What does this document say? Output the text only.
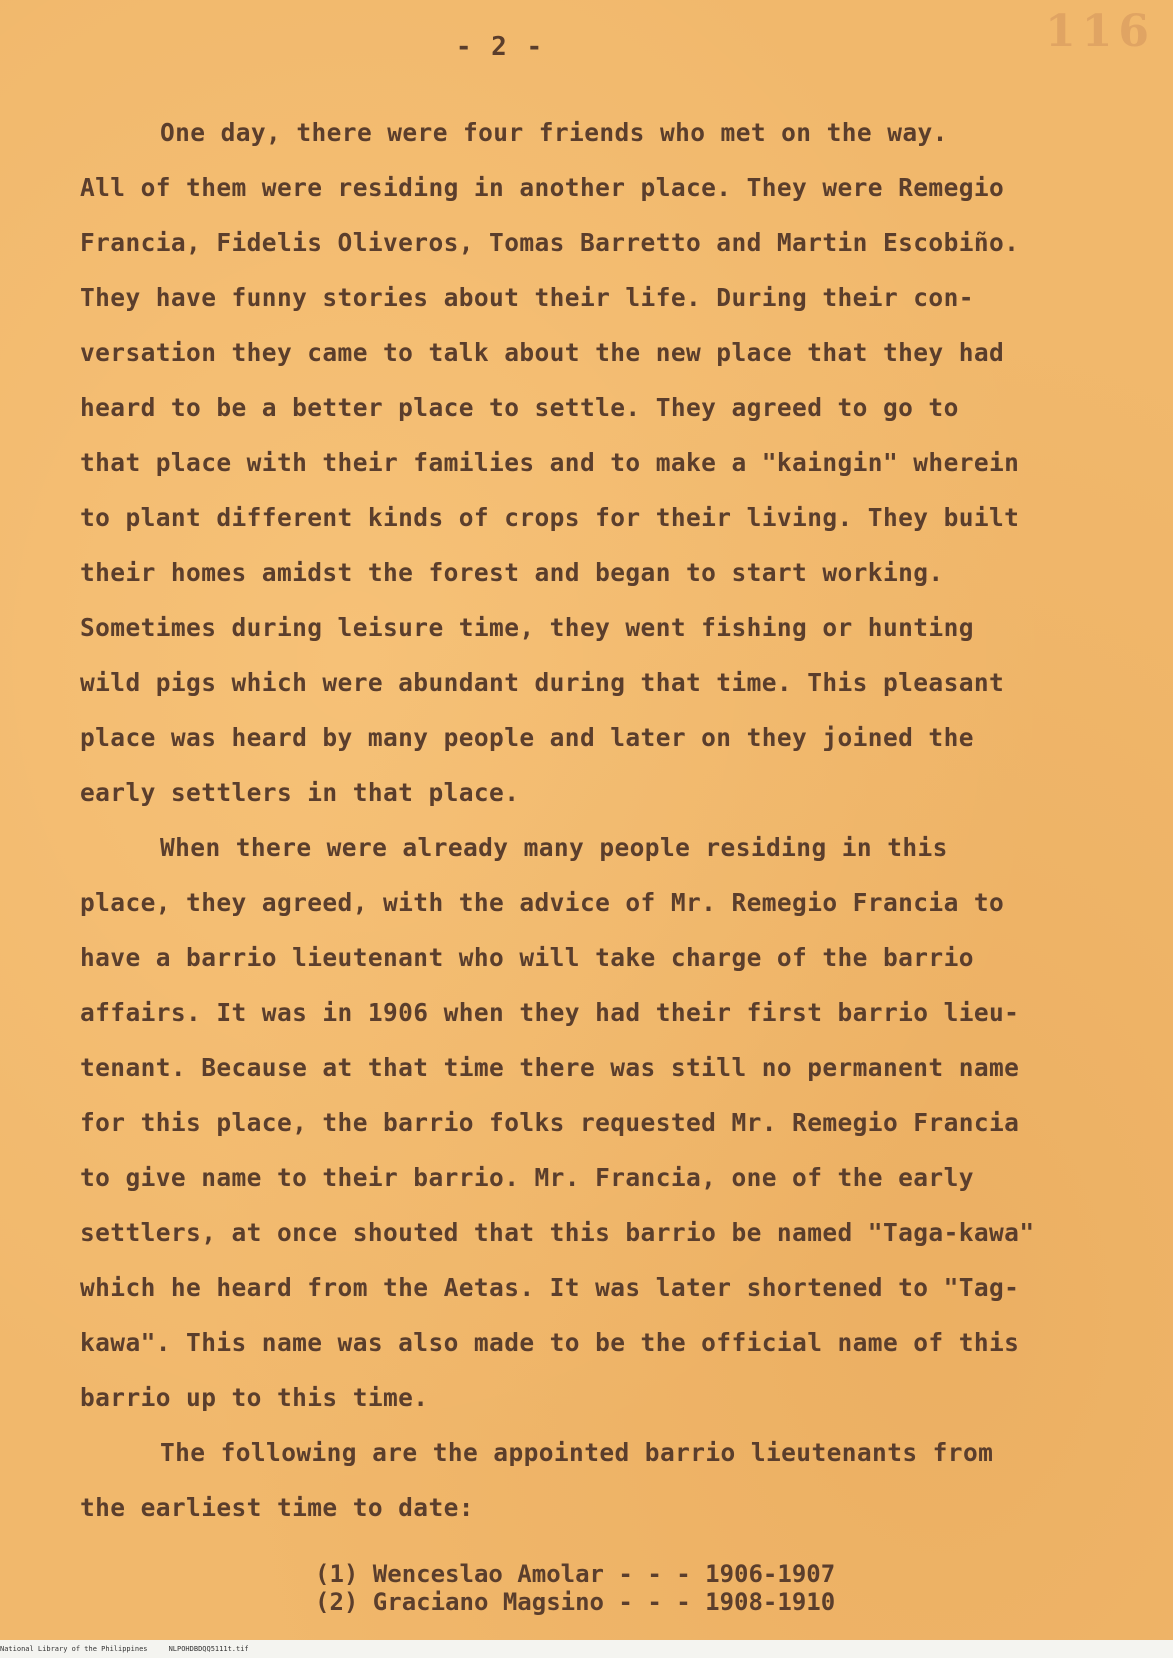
116
- 2 -
One day, there were four friends who met on the way.
All of them were residing in another place. They were Remegio
Francia, Fidelis Oliveros, Tomas Barretto and Martin Escobiño.
They have funny stories about their life. During their con-
versation they came to talk about the new place that they had
heard to be a better place to settle. They agreed to go to
that place with their families and to make a "kaingin" wherein
to plant different kinds of crops for their living. They built
their homes amidst the forest and began to start working.
Sometimes during leisure time, they went fishing or hunting
wild pigs which were abundant during that time. This pleasant
place was heard by many people and later on they joined the
early settlers in that place.
When there were already many people residing in this
place, they agreed, with the advice of Mr. Remegio Francia to
have a barrio lieutenant who will take charge of the barrio
affairs. It was in 1906 when they had their first barrio lieu-
tenant. Because at that time there was still no permanent name
for this place, the barrio folks requested Mr. Remegio Francia
to give name to their barrio. Mr. Francia, one of the early
settlers, at once shouted that this barrio be named "Taga-kawa"
which he heard from the Aetas. It was later shortened to "Tag-
kawa". This name was also made to be the official name of this
barrio up to this time.
The following are the appointed barrio lieutenants from
the earliest time to date:
(1) Wenceslao Amolar - - - 1906-1907
(2) Graciano Magsino - - - 1908-1910
National Library of the Philippines     NLPOHDBDQQ5111t.tif
